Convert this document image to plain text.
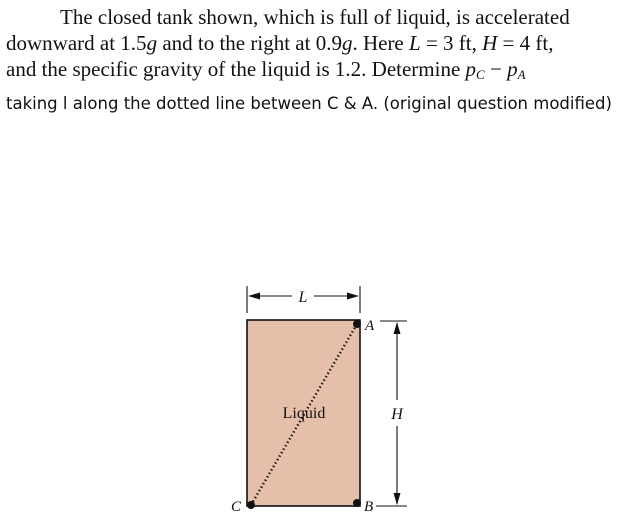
The closed tank shown, which is full of liquid, is accelerated
downward at 1.5g and to the right at 0.9g. Here L = 3 ft, H = 4 ft,
and the specific gravity of the liquid is 1.2. Determine $p_C - p_A$
taking l along the dotted line between C & A. (original question modified)
Liquid
A
B
C
L
H
